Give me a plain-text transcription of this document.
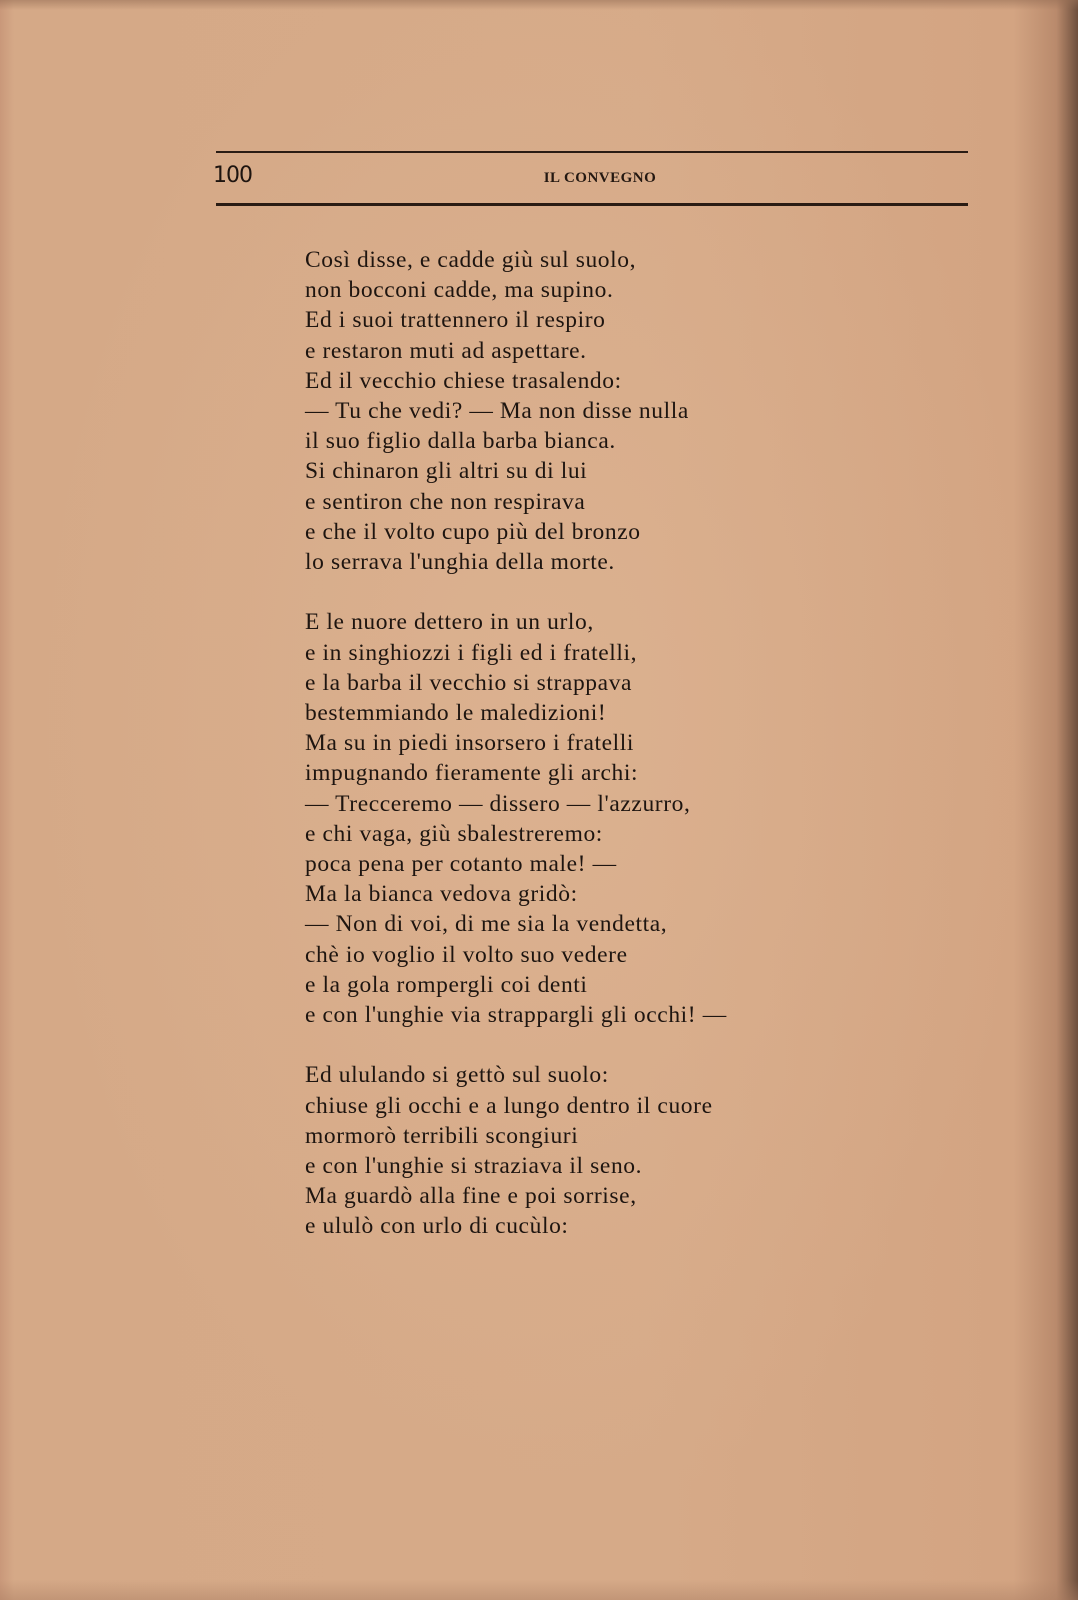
100	IL CONVEGNO

Così disse, e cadde giù sul suolo,
non bocconi cadde, ma supino.
Ed i suoi trattennero il respiro
e restaron muti ad aspettare.
Ed il vecchio chiese trasalendo:
— Tu che vedi? — Ma non disse nulla
il suo figlio dalla barba bianca.
Si chinaron gli altri su di lui
e sentiron che non respirava
e che il volto cupo più del bronzo
lo serrava l'unghia della morte.

E le nuore dettero in un urlo,
e in singhiozzi i figli ed i fratelli,
e la barba il vecchio si strappava
bestemmiando le maledizioni!
Ma su in piedi insorsero i fratelli
impugnando fieramente gli archi:
— Trecceremo — dissero — l'azzurro,
e chi vaga, giù sbalestreremo:
poca pena per cotanto male! —
Ma la bianca vedova gridò:
— Non di voi, di me sia la vendetta,
chè io voglio il volto suo vedere
e la gola rompergli coi denti
e con l'unghie via strappargli gli occhi! —

Ed ululando si gettò sul suolo:
chiuse gli occhi e a lungo dentro il cuore
mormorò terribili scongiuri
e con l'unghie si straziava il seno.
Ma guardò alla fine e poi sorrise,
e ululò con urlo di cucùlo:
